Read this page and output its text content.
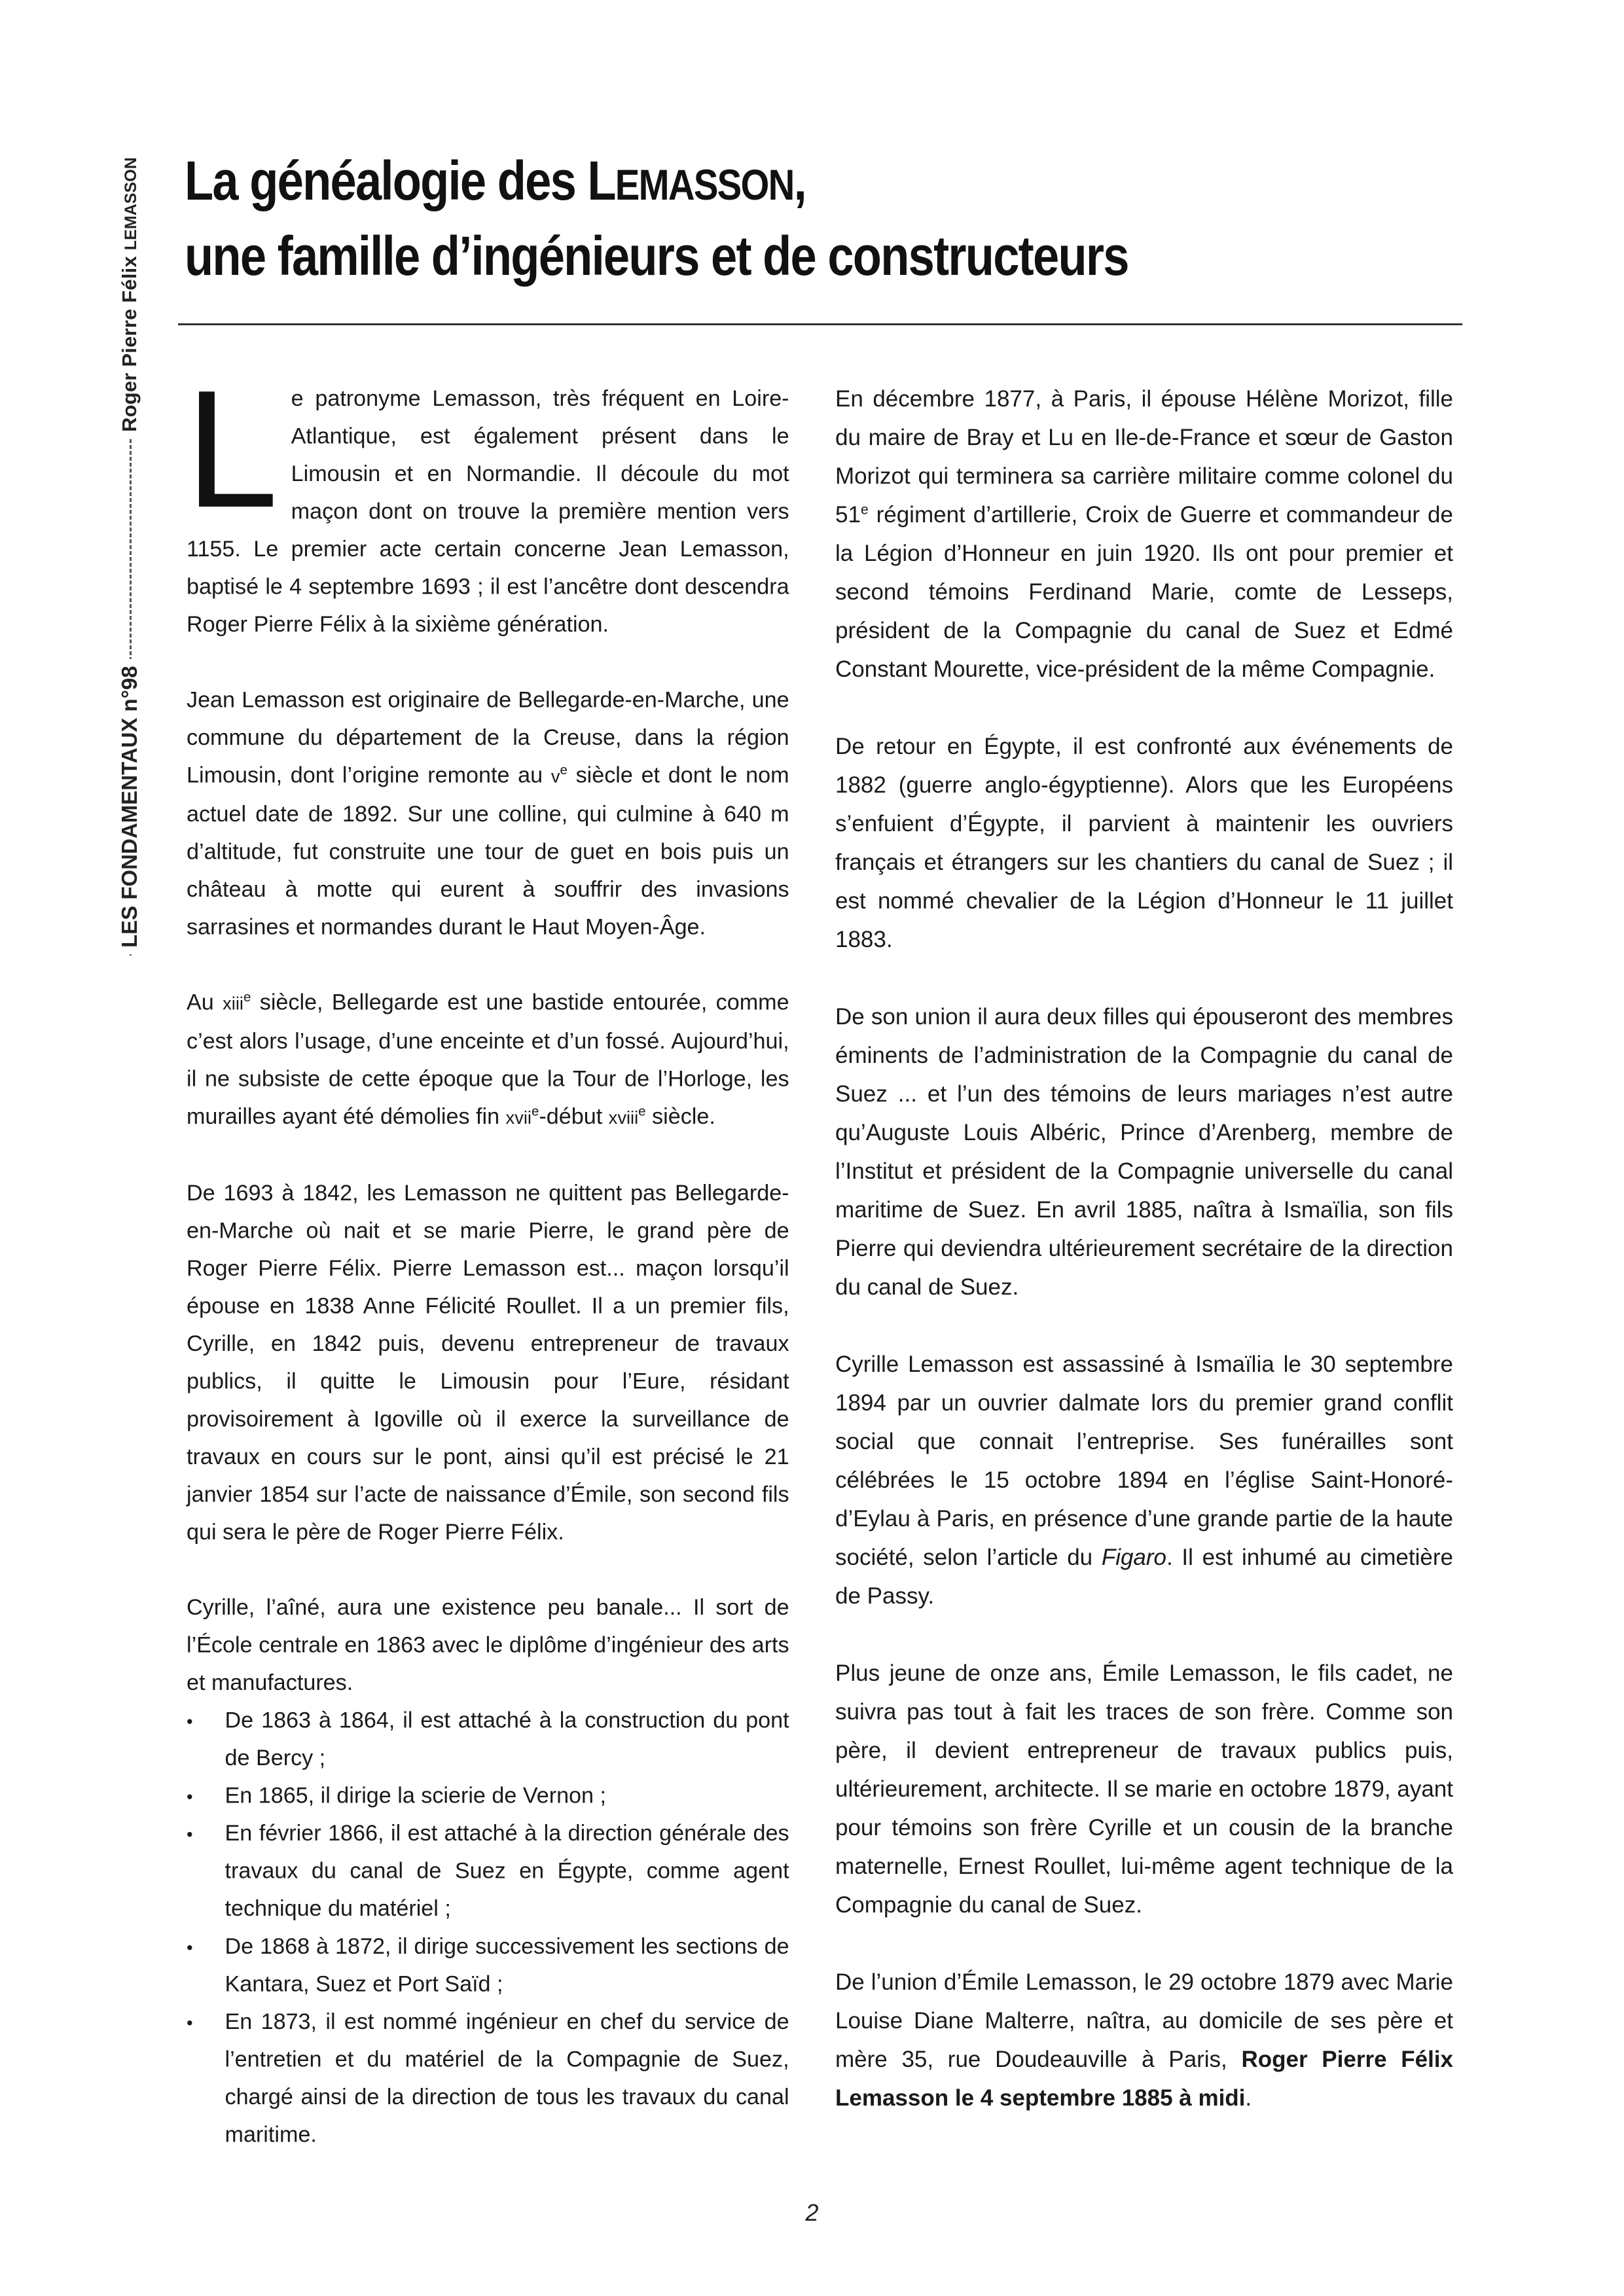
Roger Pierre Félix LEMASSON
LES FONDAMENTAUX n°98
La généalogie des LEMASSON,
une famille d’ingénieurs et de constructeurs

Le patronyme Lemasson, très fréquent en Loire-Atlantique, est également présent dans le Limousin et en Normandie. Il découle du mot maçon dont on trouve la première mention vers 1155. Le premier acte certain concerne Jean Lemasson, baptisé le 4 septembre 1693 ; il est l’ancêtre dont descendra Roger Pierre Félix à la sixième génération.

Jean Lemasson est originaire de Bellegarde-en-Marche, une commune du département de la Creuse, dans la région Limousin, dont l’origine remonte au $v^e$ siècle et dont le nom actuel date de 1892. Sur une colline, qui culmine à 640 m d’altitude, fut construite une tour de guet en bois puis un château à motte qui eurent à souffrir des invasions sarrasines et normandes durant le Haut Moyen-Âge.

Au xiii$^e$ siècle, Bellegarde est une bastide entourée, comme c’est alors l’usage, d’une enceinte et d’un fossé. Aujourd’hui, il ne subsiste de cette époque que la Tour de l’Horloge, les murailles ayant été démolies fin xvii$^e$-début xviii$^e$ siècle.

De 1693 à 1842, les Lemasson ne quittent pas Bellegarde-en-Marche où nait et se marie Pierre, le grand père de Roger Pierre Félix. Pierre Lemasson est... maçon lorsqu’il épouse en 1838 Anne Félicité Roullet. Il a un premier fils, Cyrille, en 1842 puis, devenu entrepreneur de travaux publics, il quitte le Limousin pour l’Eure, résidant provisoirement à Igoville où il exerce la surveillance de travaux en cours sur le pont, ainsi qu’il est précisé le 21 janvier 1854 sur l’acte de naissance d’Émile, son second fils qui sera le père de Roger Pierre Félix.

Cyrille, l’aîné, aura une existence peu banale... Il sort de l’École centrale en 1863 avec le diplôme d’ingénieur des arts et manufactures.

• De 1863 à 1864, il est attaché à la construction du pont de Bercy ;
• En 1865, il dirige la scierie de Vernon ;
• En février 1866, il est attaché à la direction générale des travaux du canal de Suez en Égypte, comme agent technique du matériel ;
• De 1868 à 1872, il dirige successivement les sections de Kantara, Suez et Port Saïd ;
• En 1873, il est nommé ingénieur en chef du service de l’entretien et du matériel de la Compagnie de Suez, chargé ainsi de la direction de tous les travaux du canal maritime.

En décembre 1877, à Paris, il épouse Hélène Morizot, fille du maire de Bray et Lu en Ile-de-France et sœur de Gaston Morizot qui terminera sa carrière militaire comme colonel du 51e régiment d’artillerie, Croix de Guerre et commandeur de la Légion d’Honneur en juin 1920. Ils ont pour premier et second témoins Ferdinand Marie, comte de Lesseps, président de la Compagnie du canal de Suez et Edmé Constant Mourette, vice-président de la même Compagnie.

De retour en Égypte, il est confronté aux événements de 1882 (guerre anglo-égyptienne). Alors que les Européens s’enfuient d’Égypte, il parvient à maintenir les ouvriers français et étrangers sur les chantiers du canal de Suez ; il est nommé chevalier de la Légion d’Honneur le 11 juillet 1883.

De son union il aura deux filles qui épouseront des membres éminents de l’administration de la Compagnie du canal de Suez ... et l’un des témoins de leurs mariages n’est autre qu’Auguste Louis Albéric, Prince d’Arenberg, membre de l’Institut et président de la Compagnie universelle du canal maritime de Suez. En avril 1885, naîtra à Ismaïlia, son fils Pierre qui deviendra ultérieurement secrétaire de la direction du canal de Suez.

Cyrille Lemasson est assassiné à Ismaïlia le 30 septembre 1894 par un ouvrier dalmate lors du premier grand conflit social que connait l’entreprise. Ses funérailles sont célébrées le 15 octobre 1894 en l’église Saint-Honoré-d’Eylau à Paris, en présence d’une grande partie de la haute société, selon l’article du Figaro. Il est inhumé au cimetière de Passy.

Plus jeune de onze ans, Émile Lemasson, le fils cadet, ne suivra pas tout à fait les traces de son frère. Comme son père, il devient entrepreneur de travaux publics puis, ultérieurement, architecte. Il se marie en octobre 1879, ayant pour témoins son frère Cyrille et un cousin de la branche maternelle, Ernest Roullet, lui-même agent technique de la Compagnie du canal de Suez.

De l’union d’Émile Lemasson, le 29 octobre 1879 avec Marie Louise Diane Malterre, naîtra, au domicile de ses père et mère 35, rue Doudeauville à Paris, Roger Pierre Félix Lemasson le 4 septembre 1885 à midi.

2
